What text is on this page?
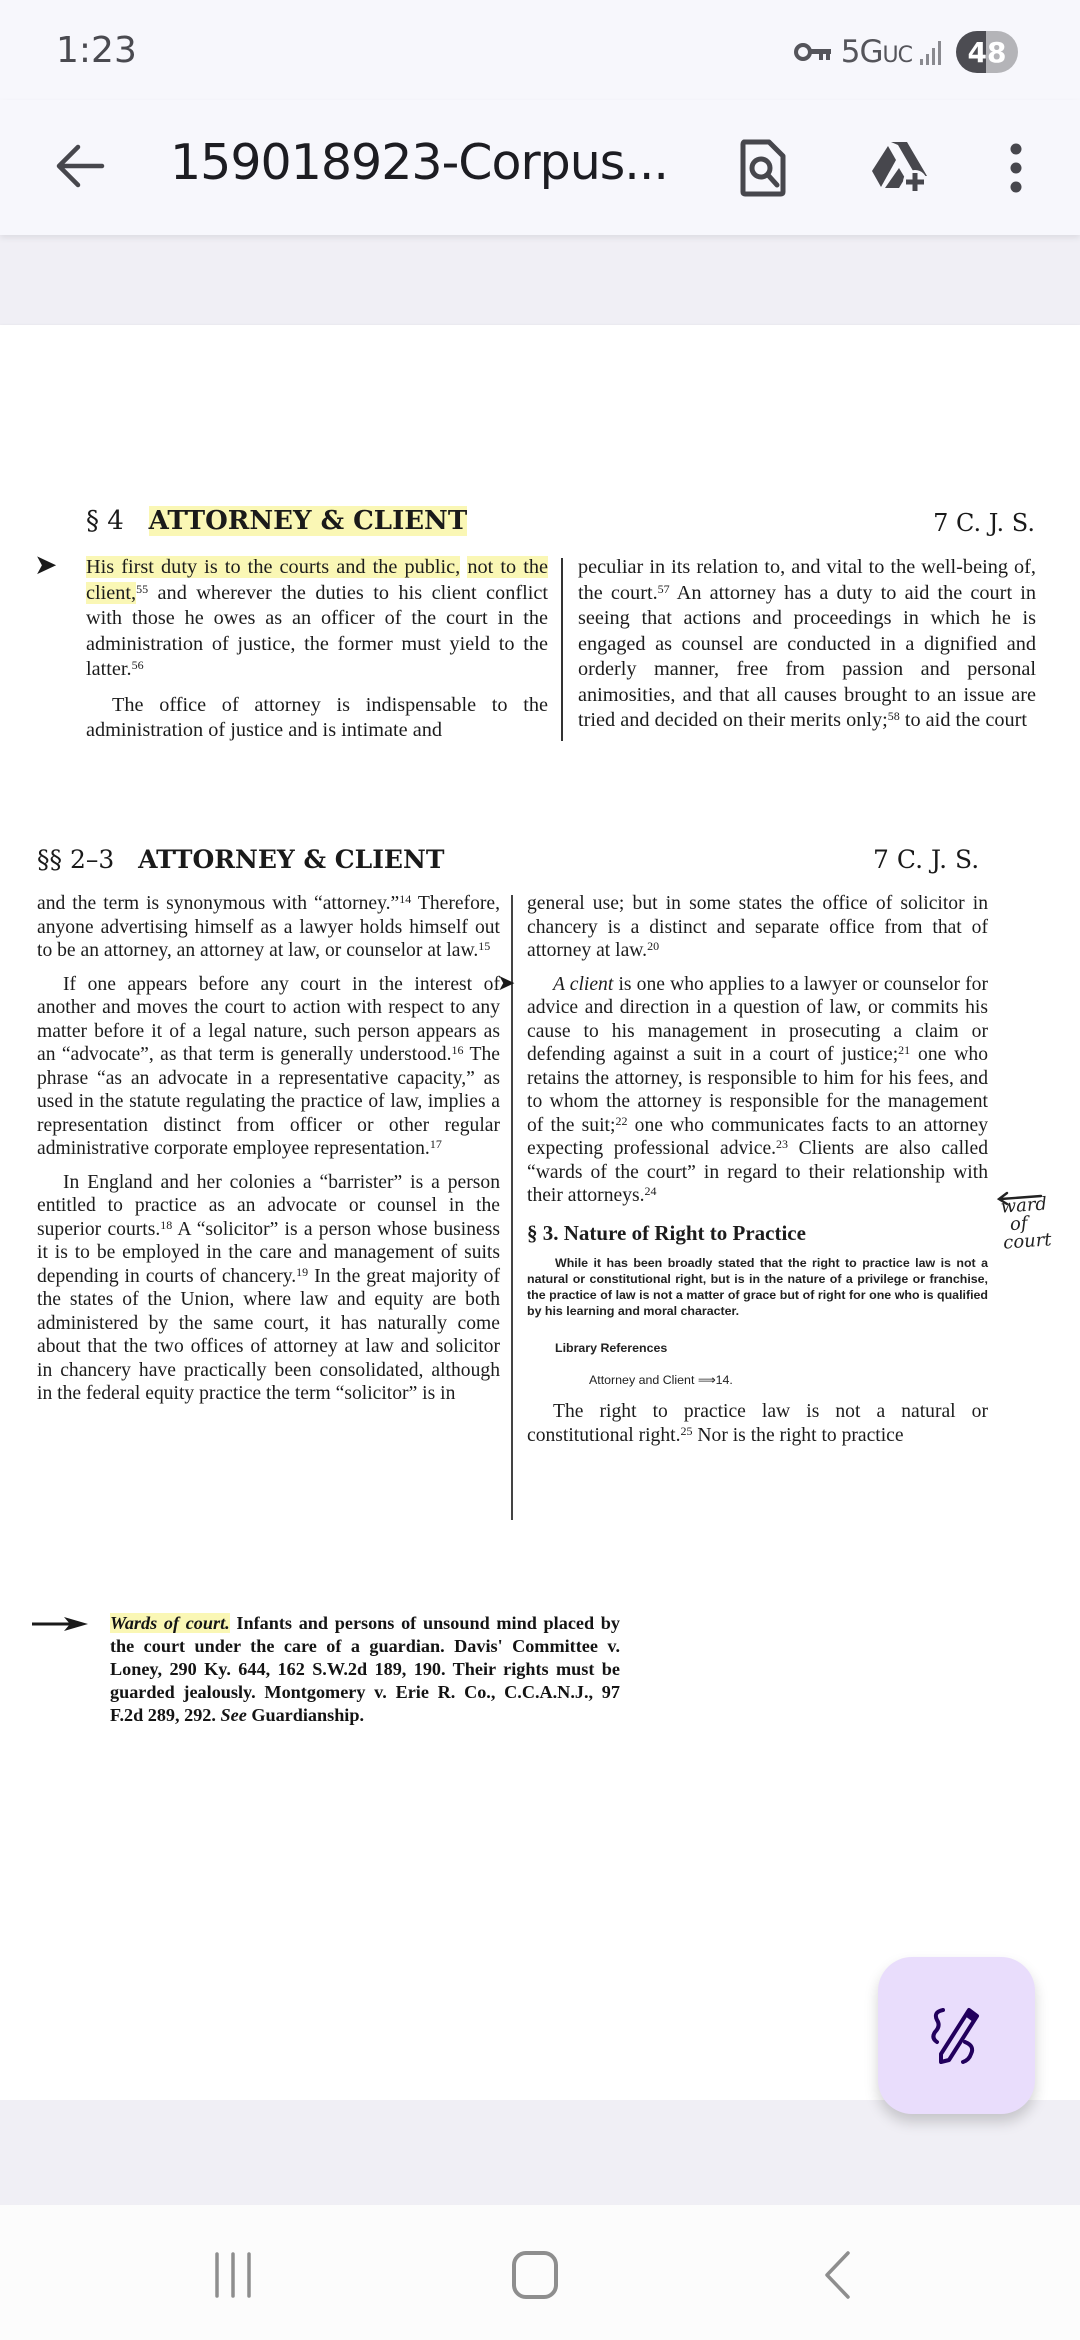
1:23	5GUC 48
159018923-Corpus...
§ 4 ATTORNEY & CLIENT	7 C. J. S.
➤ His first duty is to the courts and the public, not to the client,$^{55}$ and wherever the duties to his client conflict with those he owes as an officer of the court in the administration of justice, the former must yield to the latter.$^{56}$

The office of attorney is indispensable to the administration of justice and is intimate and

peculiar in its relation to, and vital to the well-being of, the court.$^{57}$ An attorney has a duty to aid the court in seeing that actions and proceedings in which he is engaged as counsel are conducted in a dignified and orderly manner, free from passion and personal animosities, and that all causes brought to an issue are tried and decided on their merits only;$^{58}$ to aid the court

§§ 2–3 ATTORNEY & CLIENT	7 C. J. S.

and the term is synonymous with “attorney.”$^{14}$ Therefore, anyone advertising himself as a lawyer holds himself out to be an attorney, an attorney at law, or counselor at law.$^{15}$

If one appears before any court in the interest of another and moves the court to action with respect to any matter before it of a legal nature, such person appears as an “advocate”, as that term is generally understood.$^{16}$ The phrase “as an advocate in a representative capacity,” as used in the statute regulating the practice of law, implies a representation distinct from officer or other regular administrative corporate employee representation.$^{17}$

In England and her colonies a “barrister” is a person entitled to practice as an advocate or counsel in the superior courts.$^{18}$ A “solicitor” is a person whose business it is to be employed in the care and management of suits depending in courts of chancery.$^{19}$ In the great majority of the states of the Union, where law and equity are both administered by the same court, it has naturally come about that the two offices of attorney at law and solicitor in chancery have practically been consolidated, although in the federal equity practice the term “solicitor” is in

➤

general use; but in some states the office of solicitor in chancery is a distinct and separate office from that of attorney at law.$^{20}$

A client is one who applies to a lawyer or counselor for advice and direction in a question of law, or commits his cause to his management in prosecuting a claim or defending against a suit in a court of justice;$^{21}$ one who retains the attorney, is responsible to him for his fees, and to whom the attorney is responsible for the management of the suit;$^{22}$ one who communicates facts to an attorney expecting professional advice.$^{23}$ Clients are also called “wards of the court” in regard to their relationship with their attorneys.$^{24}$

§ 3. Nature of Right to Practice
While it has been broadly stated that the right to practice law is not a natural or constitutional right, but is in the nature of a privilege or franchise, the practice of law is not a matter of grace but of right for one who is qualified by his learning and moral character.
Library References
Attorney and Client ⟹14.

The right to practice law is not a natural or constitutional right.$^{25}$ Nor is the right to practice

ward
of
court
Wards of court. Infants and persons of unsound mind placed by the court under the care of a guardian. Davis' Committee v. Loney, 290 Ky. 644, 162 S.W.2d 189, 190. Their rights must be guarded jealously. Montgomery v. Erie R. Co., C.C.A.N.J., 97 F.2d 289, 292. See Guardianship.
